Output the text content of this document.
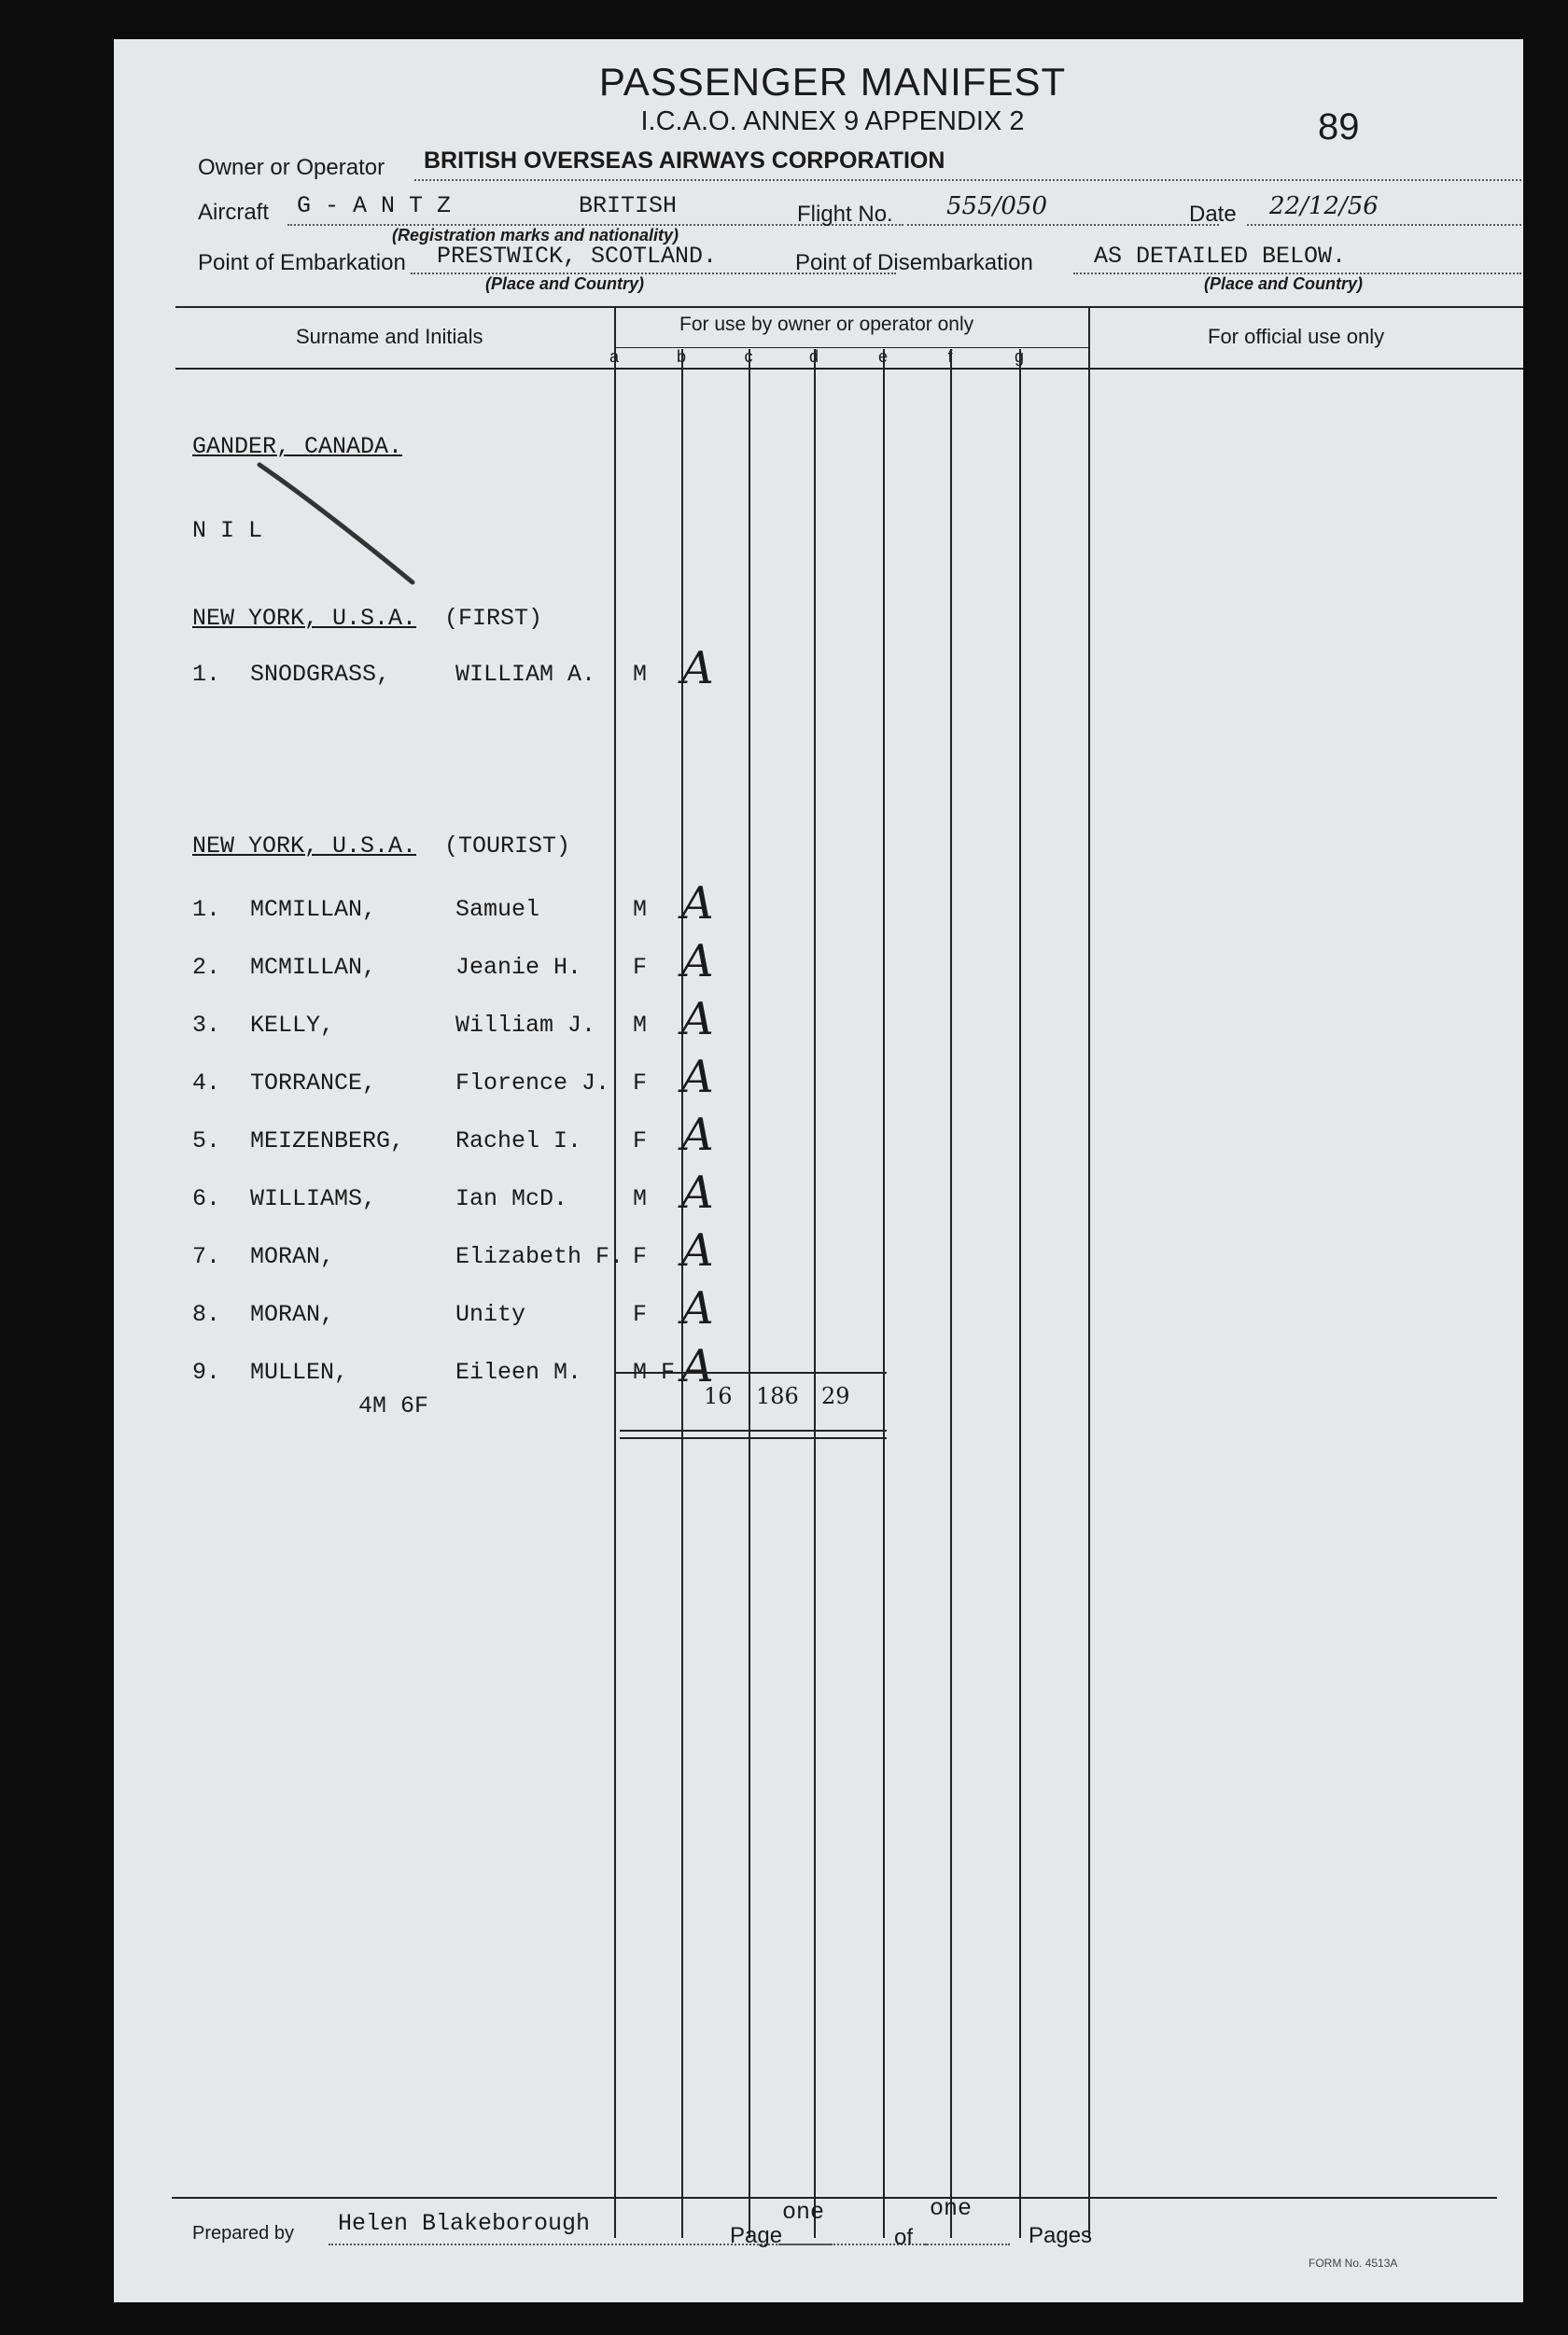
PASSENGER MANIFEST
I.C.A.O. ANNEX 9 APPENDIX 2	89
Owner or Operator BRITISH OVERSEAS AIRWAYS CORPORATION
Aircraft G - A N T Z	BRITISH	Flight No. 555/050	Date 22/12/56
(Registration marks and nationality)
Point of Embarkation PRESTWICK, SCOTLAND.	Point of Disembarkation	AS DETAILED BELOW.
(Place and Country)	(Place and Country)
Surname and Initials
For use by owner or operator only
For official use only
a	b	c	d	e	f	g
GANDER, CANADA.
N I L
NEW YORK, U.S.A. (FIRST)
1. SNODGRASS,	WILLIAM A. M A
NEW YORK, U.S.A. (TOURIST)
1. MCMILLAN,	Samuel	M A
2. MCMILLAN,	Jeanie H. F A
3. KELLY,	William J. M A
4. TORRANCE,	Florence J. F A
5. MEIZENBERG, Rachel I. F A
6. WILLIAMS,	Ian McD.	M A
7. MORAN,	Elizabeth F. F A
8. MORAN,	Unity	F A
9. MULLEN,	Eileen M. M F A
4M 6F	16 186 29
Prepared by Helen Blakeborough	Page
one
of
one
Pages
FORM No. 4513A
